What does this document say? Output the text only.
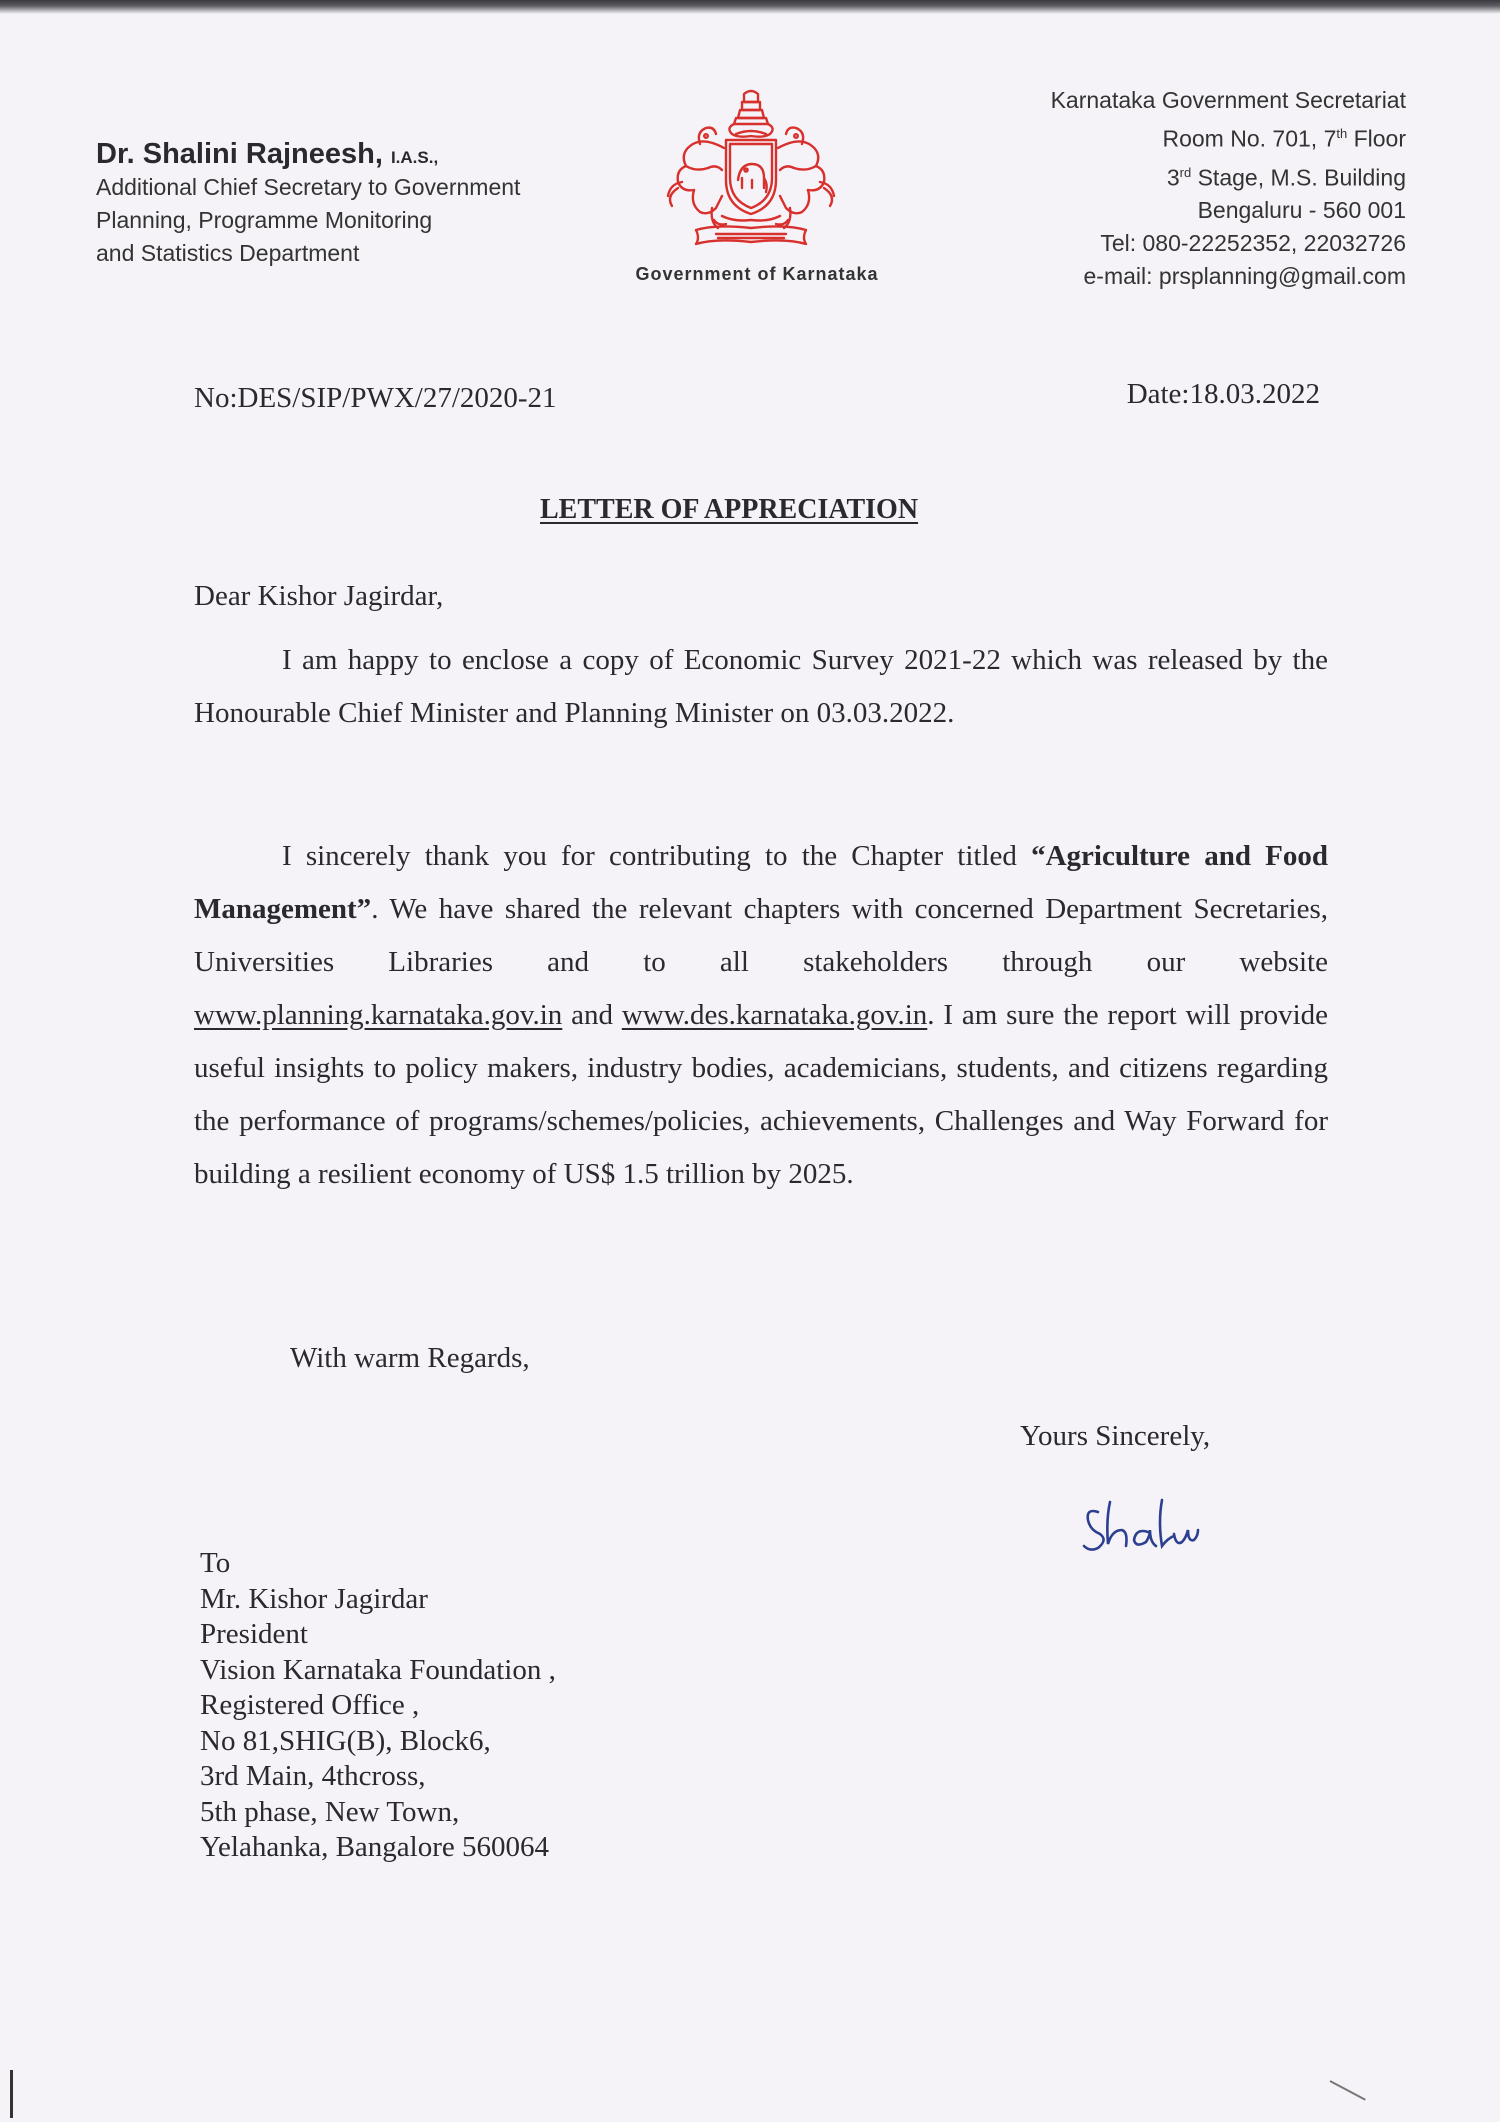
Dr. Shalini Rajneesh, I.A.S.,
Additional Chief Secretary to Government
Planning, Programme Monitoring
and Statistics Department
Government of Karnataka
Karnataka Government Secretariat
Room No. 701, 7th Floor
3rd Stage, M.S. Building
Bengaluru - 560 001
Tel: 080-22252352, 22032726
e-mail: prsplanning@gmail.com
No:DES/SIP/PWX/27/2020-21	Date:18.03.2022
LETTER OF APPRECIATION
Dear Kishor Jagirdar,
I am happy to enclose a copy of Economic Survey 2021-22 which was released by the Honourable Chief Minister and Planning Minister on 03.03.2022.
I sincerely thank you for contributing to the Chapter titled “Agriculture and Food Management”. We have shared the relevant chapters with concerned Department Secretaries, Universities Libraries and to all stakeholders through our website www.planning.karnataka.gov.in and www.des.karnataka.gov.in. I am sure the report will provide useful insights to policy makers, industry bodies, academicians, students, and citizens regarding the performance of programs/schemes/policies, achievements, Challenges and Way Forward for building a resilient economy of US$ 1.5 trillion by 2025.
With warm Regards,
Yours Sincerely,
To
Mr. Kishor Jagirdar
President
Vision Karnataka Foundation ,
Registered Office ,
No 81,SHIG(B), Block6,
3rd Main, 4thcross,
5th phase, New Town,
Yelahanka, Bangalore 560064
